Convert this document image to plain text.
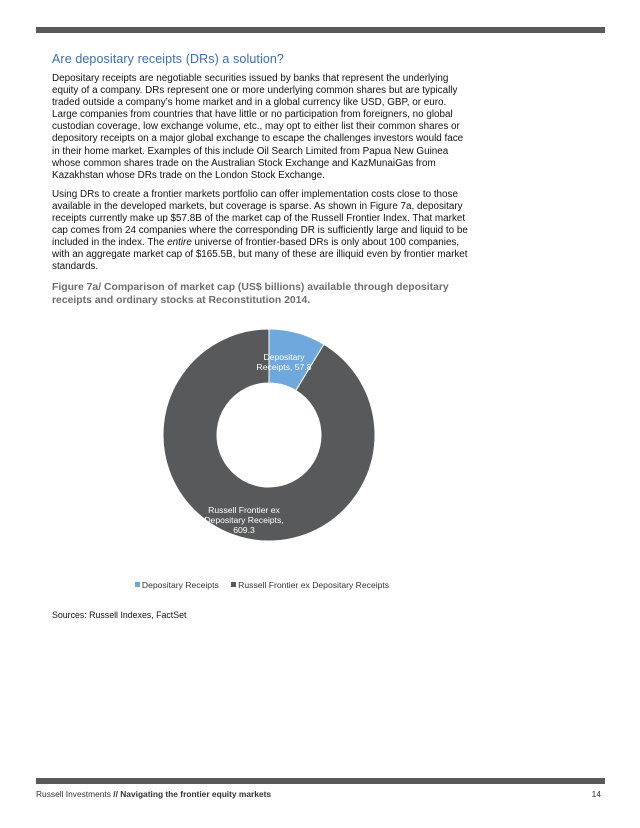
Are depositary receipts (DRs) a solution?

Depositary receipts are negotiable securities issued by banks that represent the underlying equity of a company. DRs represent one or more underlying common shares but are typically traded outside a company’s home market and in a global currency like USD, GBP, or euro. Large companies from countries that have little or no participation from foreigners, no global custodian coverage, low exchange volume, etc., may opt to either list their common shares or depository receipts on a major global exchange to escape the challenges investors would face in their home market. Examples of this include Oil Search Limited from Papua New Guinea whose common shares trade on the Australian Stock Exchange and KazMunaiGas from Kazakhstan whose DRs trade on the London Stock Exchange.

Using DRs to create a frontier markets portfolio can offer implementation costs close to those available in the developed markets, but coverage is sparse. As shown in Figure 7a, depositary receipts currently make up $57.8B of the market cap of the Russell Frontier Index. That market cap comes from 24 companies where the corresponding DR is sufficiently large and liquid to be included in the index. The entire universe of frontier-based DRs is only about 100 companies, with an aggregate market cap of $165.5B, but many of these are illiquid even by frontier market standards.

Figure 7a/ Comparison of market cap (US$ billions) available through depositary receipts and ordinary stocks at Reconstitution 2014.
Depositary Receipts, 57.8
Russell Frontier ex Depositary Receipts, 609.3
Depositary Receipts Russell Frontier ex Depositary Receipts
Sources: Russell Indexes, FactSet
Russell Investments // Navigating the frontier equity markets	14
